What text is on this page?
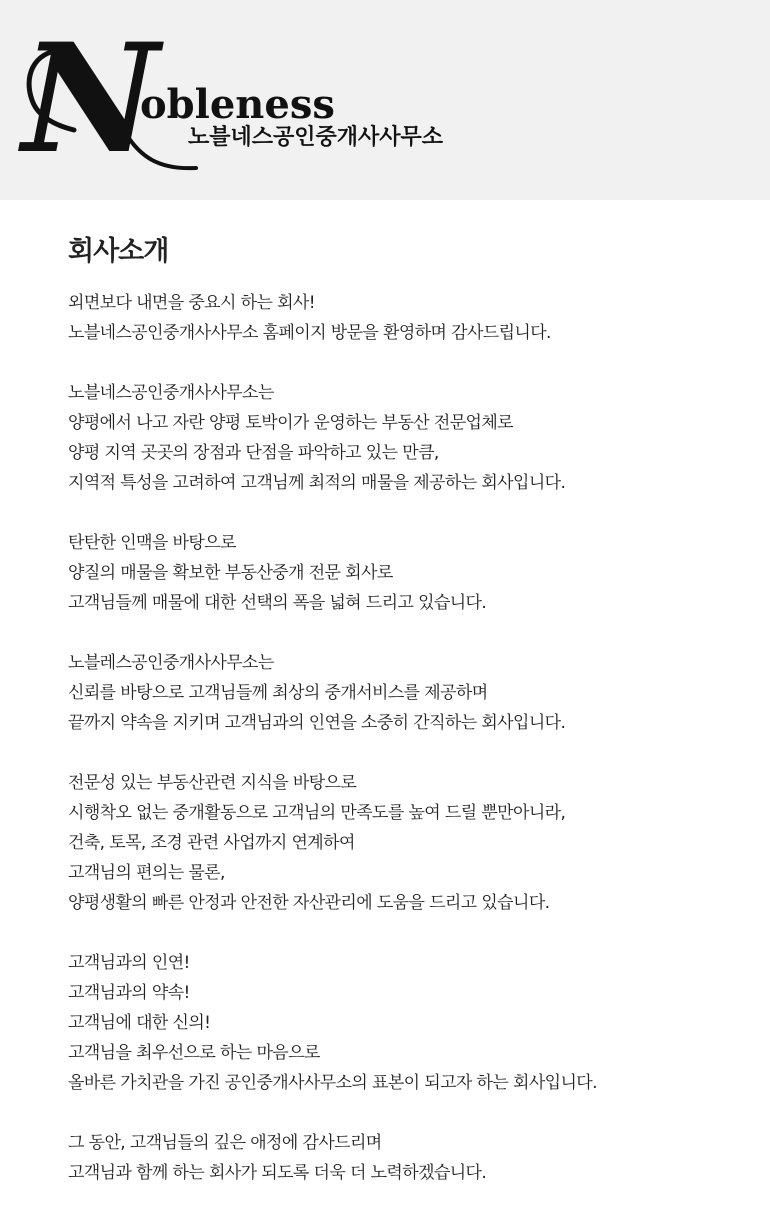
N
obleness
노블네스공인중개사사무소
회사소개
외면보다 내면을 중요시 하는 회사!
노블네스공인중개사사무소 홈페이지 방문을 환영하며 감사드립니다.
노블네스공인중개사사무소는
양평에서 나고 자란 양평 토박이가 운영하는 부동산 전문업체로
양평 지역 곳곳의 장점과 단점을 파악하고 있는 만큼,
지역적 특성을 고려하여 고객님께 최적의 매물을 제공하는 회사입니다.
탄탄한 인맥을 바탕으로
양질의 매물을 확보한 부동산중개 전문 회사로
고객님들께 매물에 대한 선택의 폭을 넓혀 드리고 있습니다.
노블레스공인중개사사무소는
신뢰를 바탕으로 고객님들께 최상의 중개서비스를 제공하며
끝까지 약속을 지키며 고객님과의 인연을 소중히 간직하는 회사입니다.
전문성 있는 부동산관련 지식을 바탕으로
시행착오 없는 중개활동으로 고객님의 만족도를 높여 드릴 뿐만아니라,
건축, 토목, 조경 관련 사업까지 연계하여
고객님의 편의는 물론,
양평생활의 빠른 안정과 안전한 자산관리에 도움을 드리고 있습니다.
고객님과의 인연!
고객님과의 약속!
고객님에 대한 신의!
고객님을 최우선으로 하는 마음으로
올바른 가치관을 가진 공인중개사사무소의 표본이 되고자 하는 회사입니다.
그 동안, 고객님들의 깊은 애정에 감사드리며
고객님과 함께 하는 회사가 되도록 더욱 더 노력하겠습니다.
